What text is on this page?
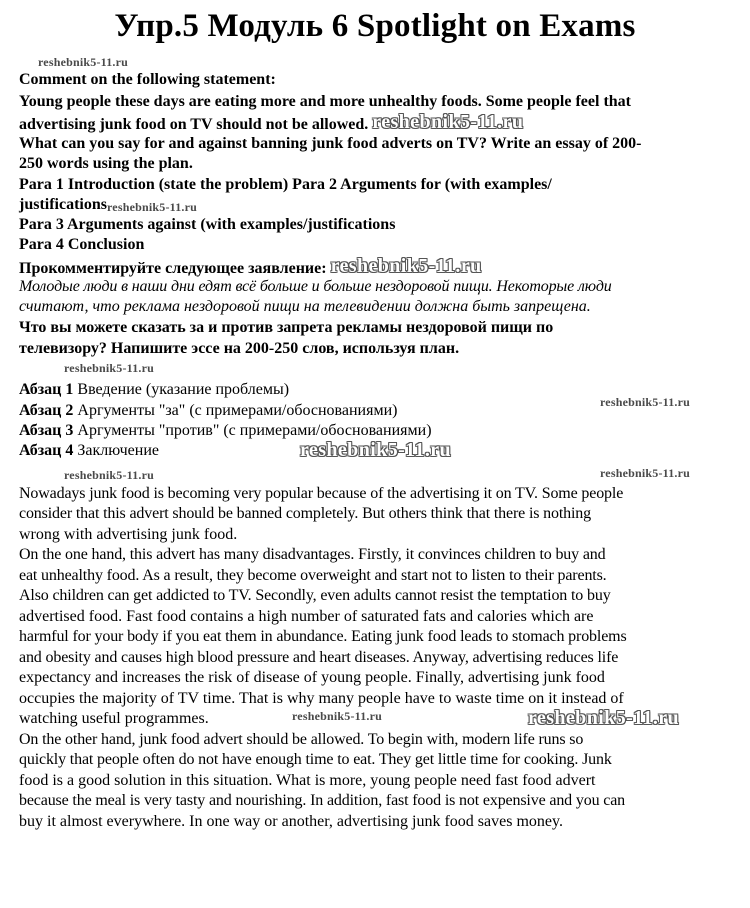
Упр.5 Модуль 6 Spotlight on Exams
reshebnik5-11.ru
Comment on the following statement:
Young people these days are eating more and more unhealthy foods. Some people feel that
advertising junk food on TV should not be allowed. reshebnik5-11.ru
What can you say for and against banning junk food adverts on TV? Write an essay of 200-
250 words using the plan.
Para 1 Introduction (state the problem) Para 2 Arguments for (with examples/
justificationsreshebnik5-11.ru
Para 3 Arguments against (with examples/justifications
Para 4 Conclusion
Прокомментируйте следующее заявление: reshebnik5-11.ru
Молодые люди в наши дни едят всё больше и больше нездоровой пищи. Некоторые люди
считают, что реклама нездоровой пищи на телевидении должна быть запрещена.
Что вы можете сказать за и против запрета рекламы нездоровой пищи по
телевизору? Напишите эссе на 200-250 слов, используя план.
reshebnik5-11.ru
Абзац 1 Введение (указание проблемы)
reshebnik5-11.ru
Абзац 2 Аргументы "за" (с примерами/обоснованиями)
Абзац 3 Аргументы "против" (с примерами/обоснованиями)
Абзац 4 Заключение	reshebnik5-11.ru
reshebnik5-11.ru	reshebnik5-11.ru
Nowadays junk food is becoming very popular because of the advertising it on TV. Some people
consider that this advert should be banned completely. But others think that there is nothing
wrong with advertising junk food.
On the one hand, this advert has many disadvantages. Firstly, it convinces children to buy and
eat unhealthy food. As a result, they become overweight and start not to listen to their parents.
Also children can get addicted to TV. Secondly, even adults cannot resist the temptation to buy
advertised food. Fast food contains a high number of saturated fats and calories which are
harmful for your body if you eat them in abundance. Eating junk food leads to stomach problems
and obesity and causes high blood pressure and heart diseases. Anyway, advertising reduces life
expectancy and increases the risk of disease of young people. Finally, advertising junk food
occupies the majority of TV time. That is why many people have to waste time on it instead of
watching useful programmes.	reshebnik5-11.ru	reshebnik5-11.ru
On the other hand, junk food advert should be allowed. To begin with, modern life runs so
quickly that people often do not have enough time to eat. They get little time for cooking. Junk
food is a good solution in this situation. What is more, young people need fast food advert
because the meal is very tasty and nourishing. In addition, fast food is not expensive and you can
buy it almost everywhere. In one way or another, advertising junk food saves money.
